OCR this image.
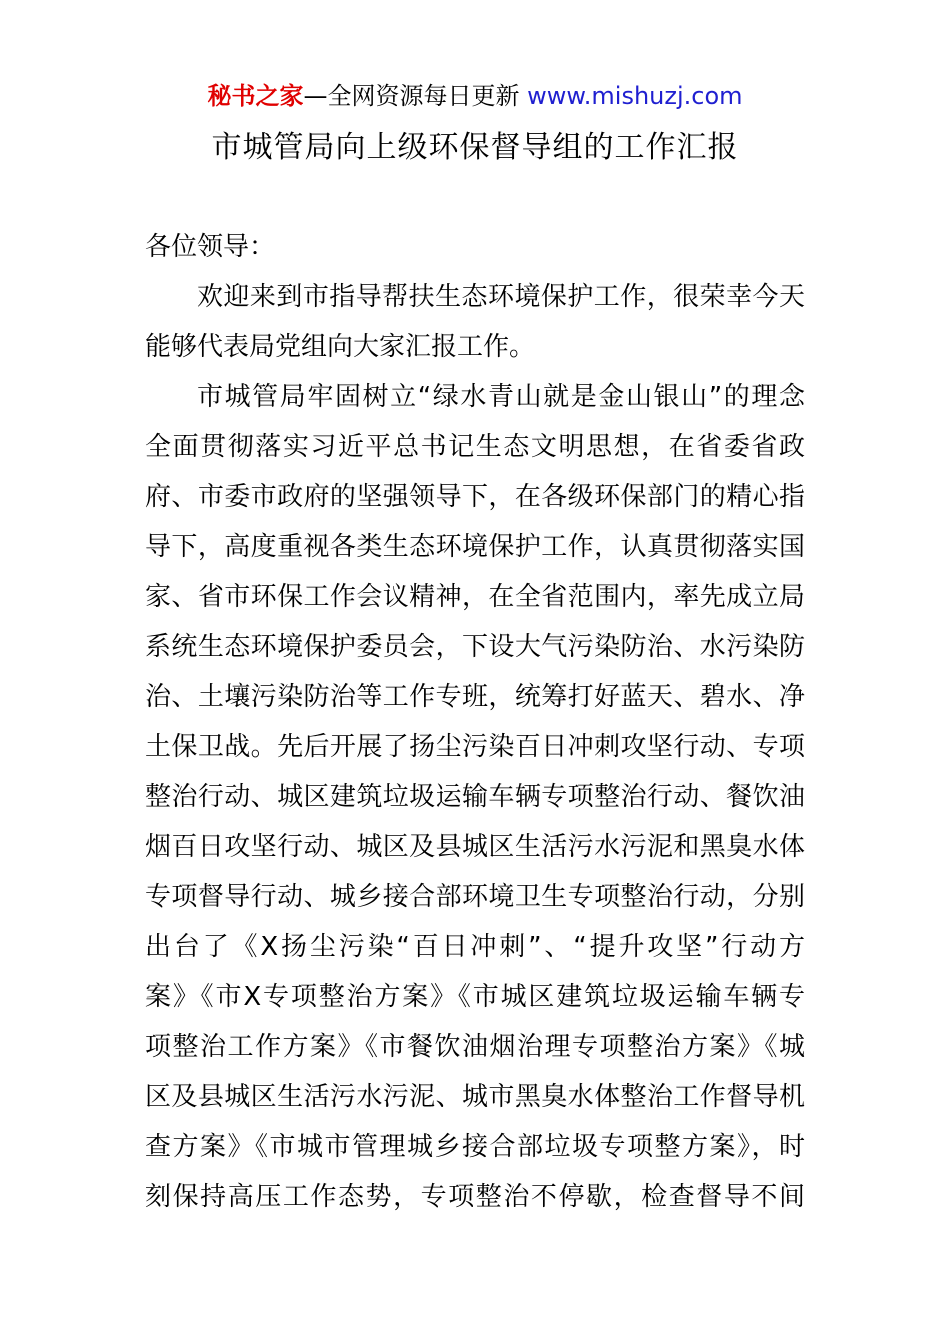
秘书之家—全网资源每日更新 www.mishuzj.com
市城管局向上级环保督导组的工作汇报
各位领导：
欢迎来到市指导帮扶生态环境保护工作，很荣幸今天
能够代表局党组向大家汇报工作。
市城管局牢固树立“绿水青山就是金山银山”的理念
全面贯彻落实习近平总书记生态文明思想，在省委省政
府、市委市政府的坚强领导下，在各级环保部门的精心指
导下，高度重视各类生态环境保护工作，认真贯彻落实国
家、省市环保工作会议精神，在全省范围内，率先成立局
系统生态环境保护委员会，下设大气污染防治、水污染防
治、土壤污染防治等工作专班，统筹打好蓝天、碧水、净
土保卫战。先后开展了扬尘污染百日冲刺攻坚行动、专项
整治行动、城区建筑垃圾运输车辆专项整治行动、餐饮油
烟百日攻坚行动、城区及县城区生活污水污泥和黑臭水体
专项督导行动、城乡接合部环境卫生专项整治行动，分别
出台了《X扬尘污染“百日冲刺”、“提升攻坚”行动方
案》《市X专项整治方案》《市城区建筑垃圾运输车辆专
项整治工作方案》《市餐饮油烟治理专项整治方案》《城
区及县城区生活污水污泥、城市黑臭水体整治工作督导机
查方案》《市城市管理城乡接合部垃圾专项整方案》，时
刻保持高压工作态势，专项整治不停歇，检查督导不间
